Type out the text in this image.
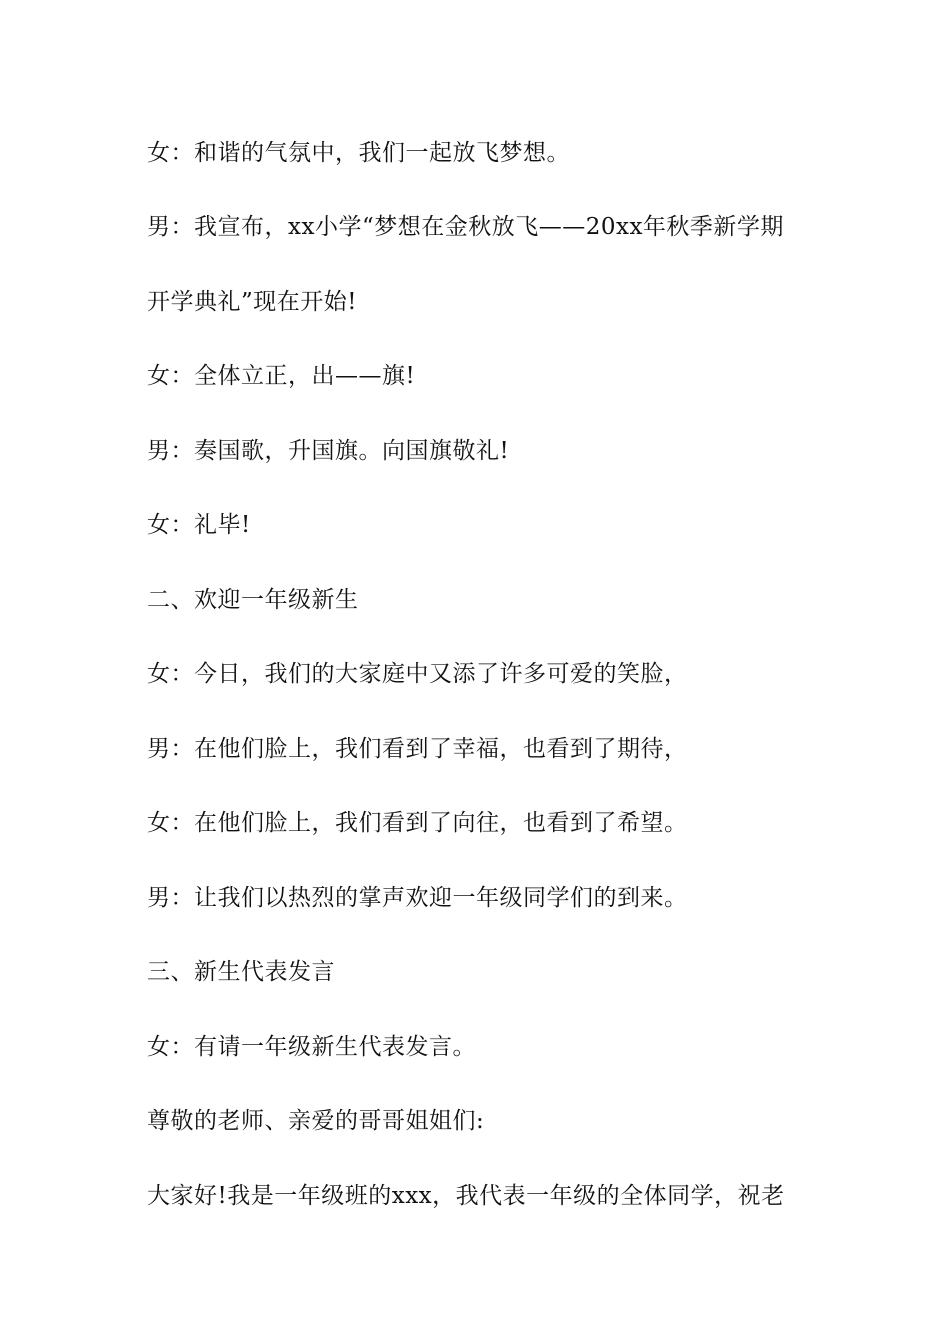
女：和谐的气氛中，我们一起放飞梦想。
男：我宣布，xx小学“梦想在金秋放飞——20xx年秋季新学期
开学典礼”现在开始!
女：全体立正，出——旗!
男：奏国歌，升国旗。向国旗敬礼!
女：礼毕!
二、欢迎一年级新生
女：今日，我们的大家庭中又添了许多可爱的笑脸，
男：在他们脸上，我们看到了幸福，也看到了期待，
女：在他们脸上，我们看到了向往，也看到了希望。
男：让我们以热烈的掌声欢迎一年级同学们的到来。
三、新生代表发言
女：有请一年级新生代表发言。
尊敬的老师、亲爱的哥哥姐姐们:
大家好!我是一年级班的xxx，我代表一年级的全体同学，祝老
